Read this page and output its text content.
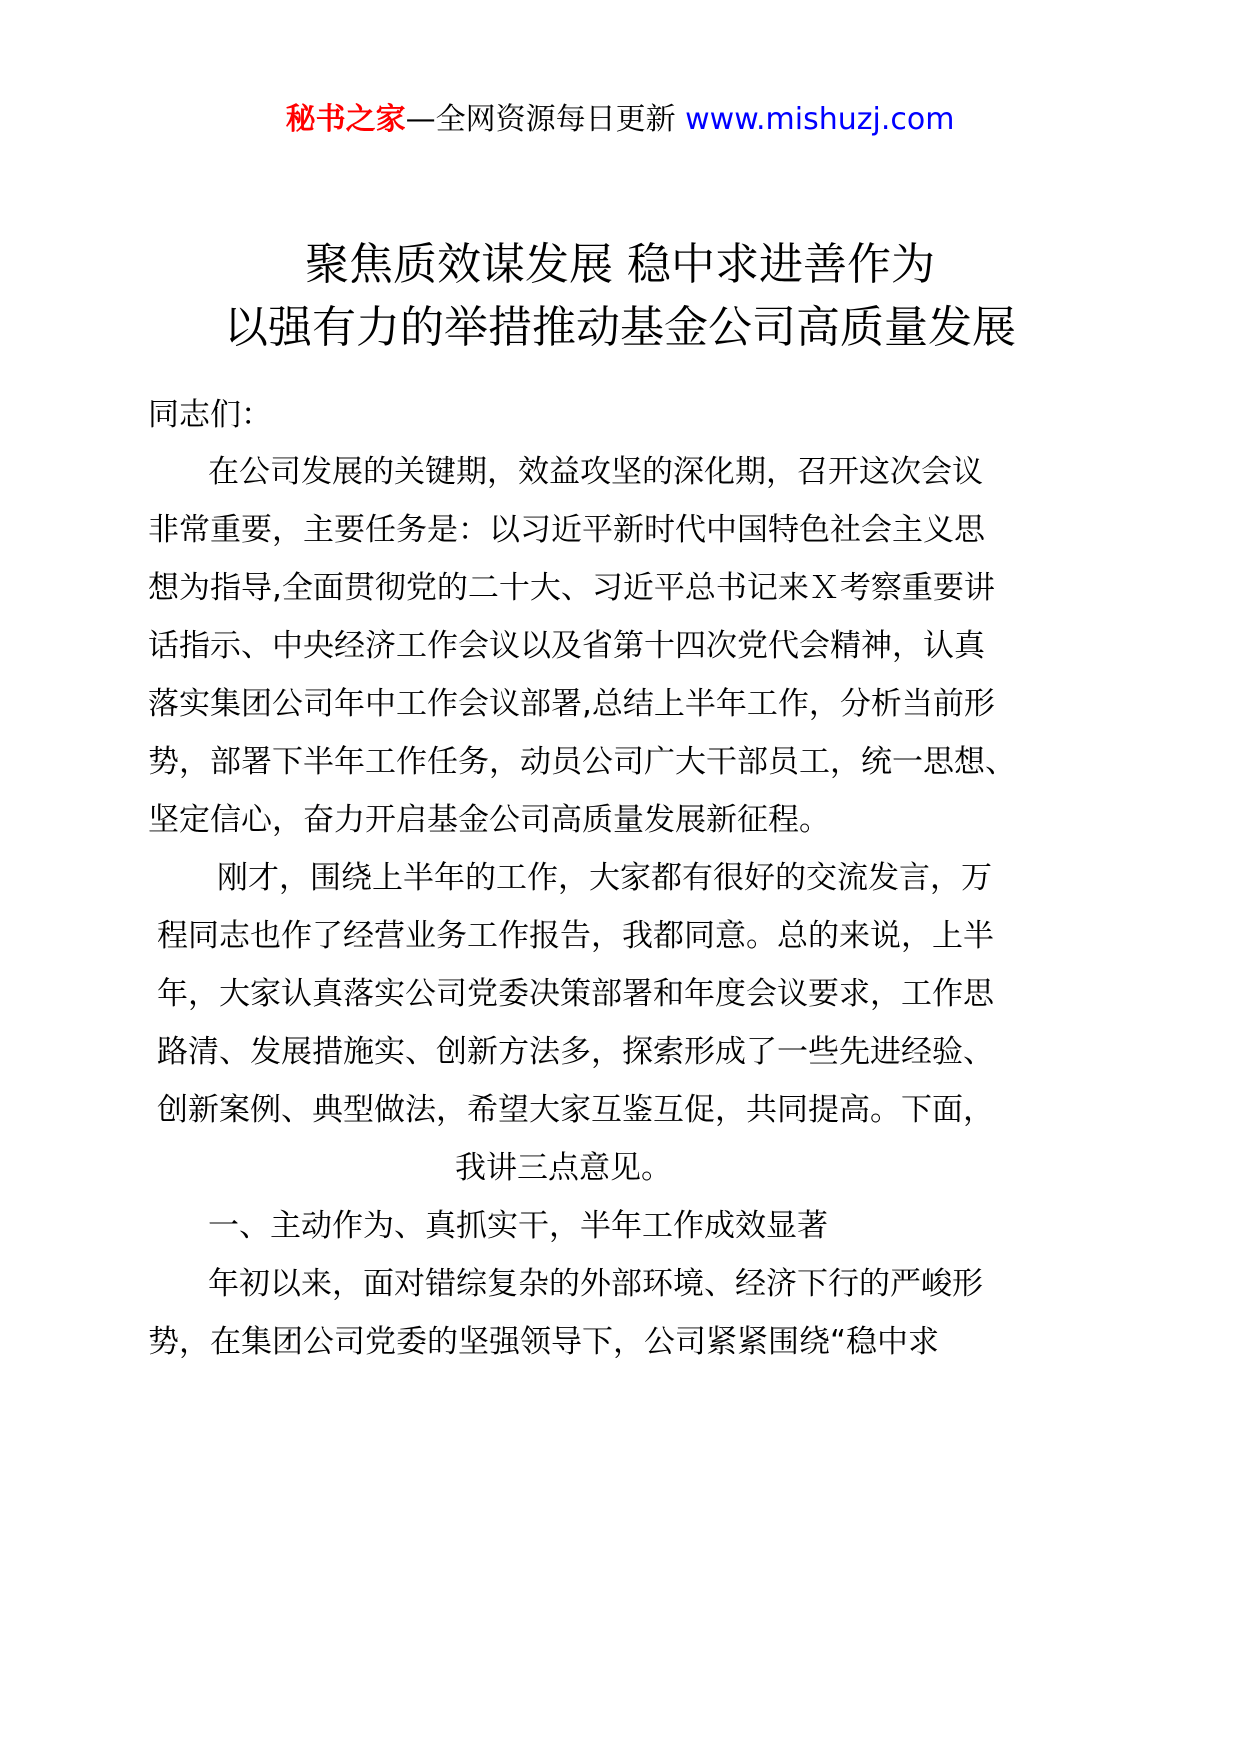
秘书之家—全网资源每日更新 www.mishuzj.com
聚焦质效谋发展 稳中求进善作为
以强有力的举措推动基金公司高质量发展
同志们：
在公司发展的关键期，效益攻坚的深化期，召开这次会议
非常重要，主要任务是：以习近平新时代中国特色社会主义思
想为指导,全面贯彻党的二十大、习近平总书记来Ｘ考察重要讲
话指示、中央经济工作会议以及省第十四次党代会精神，认真
落实集团公司年中工作会议部署,总结上半年工作，分析当前形
势，部署下半年工作任务，动员公司广大干部员工，统一思想、
坚定信心，奋力开启基金公司高质量发展新征程。
刚才，围绕上半年的工作，大家都有很好的交流发言，万
程同志也作了经营业务工作报告，我都同意。总的来说，上半
年，大家认真落实公司党委决策部署和年度会议要求，工作思
路清、发展措施实、创新方法多，探索形成了一些先进经验、
创新案例、典型做法，希望大家互鉴互促，共同提高。下面，
我讲三点意见。
一、主动作为、真抓实干，半年工作成效显著
年初以来，面对错综复杂的外部环境、经济下行的严峻形
势，在集团公司党委的坚强领导下，公司紧紧围绕“稳中求
